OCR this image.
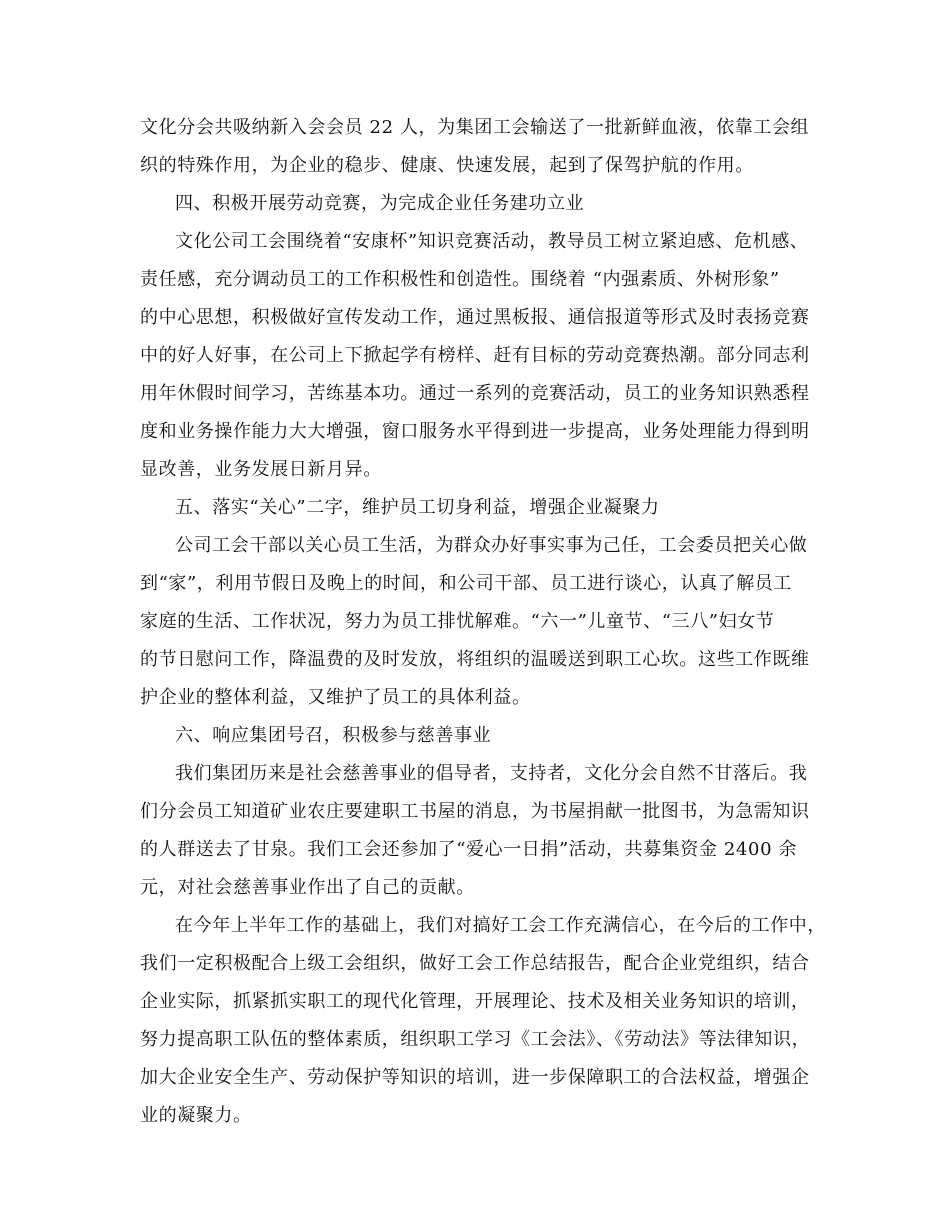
文化分会共吸纳新入会会员 22 人，为集团工会输送了一批新鲜血液，依靠工会组
织的特殊作用，为企业的稳步、健康、快速发展，起到了保驾护航的作用。
四、积极开展劳动竞赛，为完成企业任务建功立业
文化公司工会围绕着“安康杯”知识竞赛活动，教导员工树立紧迫感、危机感、
责任感，充分调动员工的工作积极性和创造性。围绕着 “内强素质、外树形象”
的中心思想，积极做好宣传发动工作，通过黑板报、通信报道等形式及时表扬竞赛
中的好人好事，在公司上下掀起学有榜样、赶有目标的劳动竞赛热潮。部分同志利
用年休假时间学习，苦练基本功。通过一系列的竞赛活动，员工的业务知识熟悉程
度和业务操作能力大大增强，窗口服务水平得到进一步提高，业务处理能力得到明
显改善，业务发展日新月异。
五、落实“关心”二字，维护员工切身利益，增强企业凝聚力
公司工会干部以关心员工生活，为群众办好事实事为己任，工会委员把关心做
到“家”，利用节假日及晚上的时间，和公司干部、员工进行谈心，认真了解员工
家庭的生活、工作状况，努力为员工排忧解难。“六一”儿童节、“三八”妇女节
的节日慰问工作，降温费的及时发放，将组织的温暖送到职工心坎。这些工作既维
护企业的整体利益，又维护了员工的具体利益。
六、响应集团号召，积极参与慈善事业
我们集团历来是社会慈善事业的倡导者，支持者，文化分会自然不甘落后。我
们分会员工知道矿业农庄要建职工书屋的消息，为书屋捐献一批图书，为急需知识
的人群送去了甘泉。我们工会还参加了“爱心一日捐”活动，共募集资金 2400 余
元，对社会慈善事业作出了自己的贡献。
在今年上半年工作的基础上，我们对搞好工会工作充满信心，在今后的工作中，
我们一定积极配合上级工会组织，做好工会工作总结报告，配合企业党组织，结合
企业实际，抓紧抓实职工的现代化管理，开展理论、技术及相关业务知识的培训，
努力提高职工队伍的整体素质，组织职工学习《工会法》、《劳动法》等法律知识，
加大企业安全生产、劳动保护等知识的培训，进一步保障职工的合法权益，增强企
业的凝聚力。
